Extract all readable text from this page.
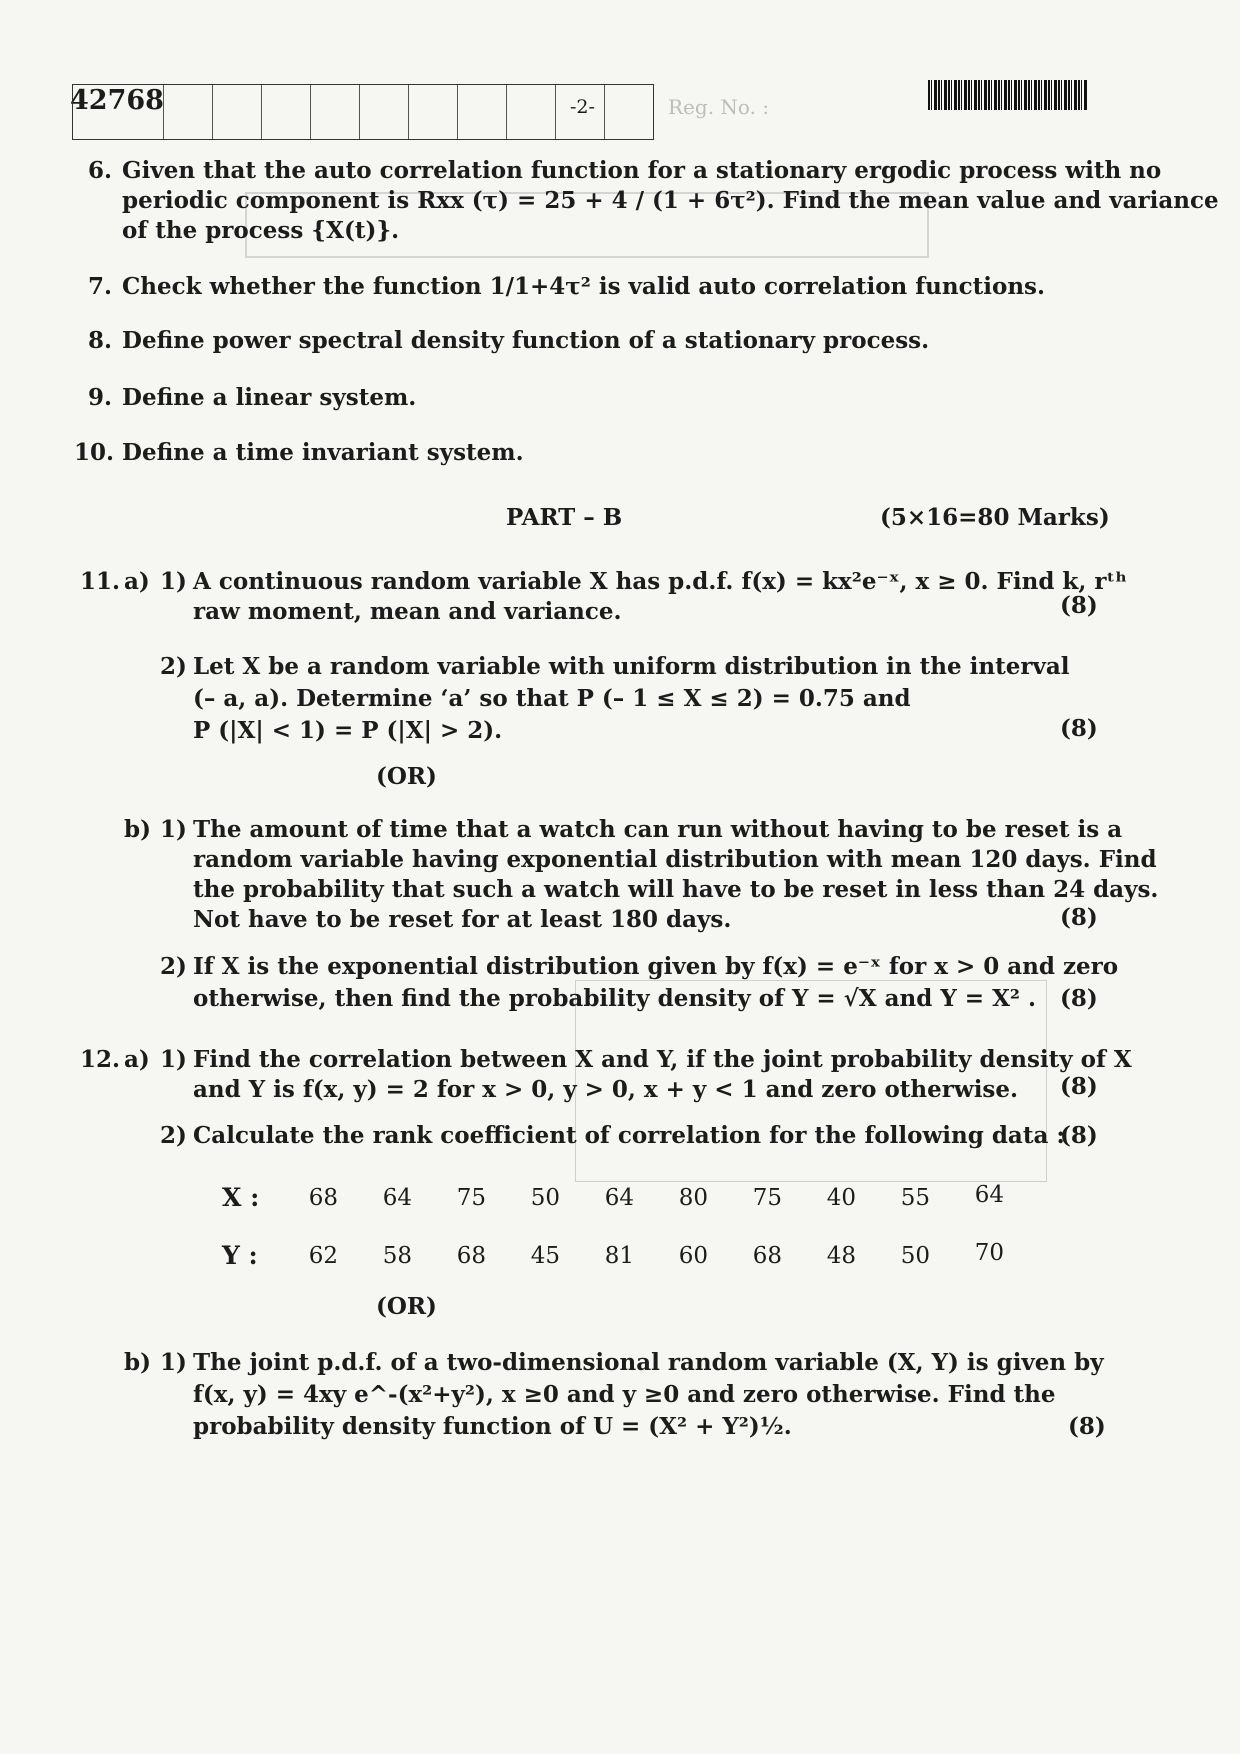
42768	-2-	Reg. No. :
6. Given that the auto correlation function for a stationary ergodic process with no
periodic component is Rxx (τ) = 25 + 4 / (1 + 6τ²). Find the mean value and variance
of the process {X(t)}.
7. Check whether the function 1/1+4τ² is valid auto correlation functions.
8. Define power spectral density function of a stationary process.
9. Define a linear system.
10. Define a time invariant system.
PART – B	(5×16=80 Marks)
11. a) 1) A continuous random variable X has p.d.f. f(x) = kx²e⁻ˣ, x ≥ 0. Find k, rᵗʰ
raw moment, mean and variance.	(8)
2) Let X be a random variable with uniform distribution in the interval
(– a, a). Determine ‘a’ so that P (– 1 ≤ X ≤ 2) = 0.75 and
P (|X| < 1) = P (|X| > 2).	(8)
(OR)
b) 1) The amount of time that a watch can run without having to be reset is a
random variable having exponential distribution with mean 120 days. Find
the probability that such a watch will have to be reset in less than 24 days.
Not have to be reset for at least 180 days.	(8)
2) If X is the exponential distribution given by f(x) = e⁻ˣ for x > 0 and zero
otherwise, then find the probability density of Y = √X and Y = X² . (8)
12. a) 1) Find the correlation between X and Y, if the joint probability density of X
and Y is f(x, y) = 2 for x > 0, y > 0, x + y < 1 and zero otherwise. (8)
2) Calculate the rank coefficient of correlation for the following data :
(8)
X :	68	64	75	50	64	80	75	40	55	64
Y :	62	58	68	45	81	60	68	48	50	70
(OR)
b) 1) The joint p.d.f. of a two-dimensional random variable (X, Y) is given by
f(x, y) = 4xy e^-(x²+y²), x ≥0 and y ≥0 and zero otherwise. Find the
probability density function of U = (X² + Y²)½.	(8)
